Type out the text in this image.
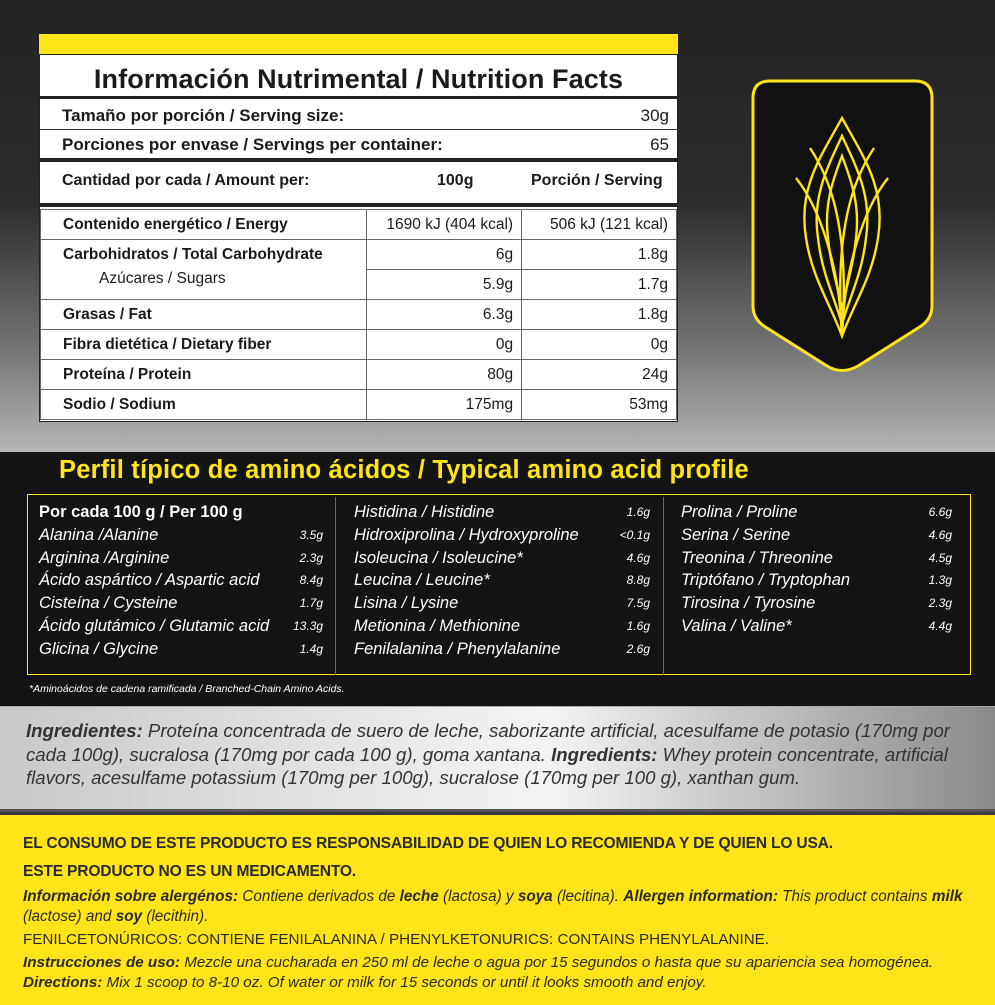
Información Nutrimental / Nutrition Facts
Tamaño por porción / Serving size:	30g
Porciones por envase / Servings per container:	65
Cantidad por cada / Amount per:	100g	Porción / Serving
Contenido energético / Energy	1690 kJ (404 kcal)	506 kJ (121 kcal)
Carbohidratos / Total Carbohydrate	6g	1.8g
Azúcares / Sugars	5.9g	1.7g
Grasas / Fat	6.3g	1.8g
Fibra dietética / Dietary fiber	0g	0g
Proteína / Protein	80g	24g
Sodio / Sodium	175mg	53mg
Perfil típico de amino ácidos / Typical amino acid profile
Por cada 100 g / Per 100 g
Alanina /Alanine	3.5g
Arginina /Arginine	2.3g
Ácido aspártico / Aspartic acid	8.4g
Cisteína / Cysteine	1.7g
Ácido glutámico / Glutamic acid 13.3g
Glicina / Glycine	1.4g
Histidina / Histidine	1.6g
Hidroxiprolina / Hydroxyproline	<0.1g
Isoleucina / Isoleucine*	4.6g
Leucina / Leucine*	8.8g
Lisina / Lysine	7.5g
Metionina / Methionine	1.6g
Fenilalanina / Phenylalanine	2.6g
Prolina / Proline	6.6g
Serina / Serine	4.6g
Treonina / Threonine	4.5g
Triptófano / Tryptophan	1.3g
Tirosina / Tyrosine	2.3g
Valina / Valine*	4.4g
*Aminoácidos de cadena ramificada / Branched-Chain Amino Acids.

Ingredientes: Proteína concentrada de suero de leche, saborizante artificial, acesulfame de potasio (170mg por cada 100g), sucralosa (170mg por cada 100 g), goma xantana. Ingredients: Whey protein concentrate, artificial flavors, acesulfame potassium (170mg per 100g), sucralose (170mg per 100 g), xanthan gum.

EL CONSUMO DE ESTE PRODUCTO ES RESPONSABILIDAD DE QUIEN LO RECOMIENDA Y DE QUIEN LO USA.
ESTE PRODUCTO NO ES UN MEDICAMENTO.
Información sobre alergénos: Contiene derivados de leche (lactosa) y soya (lecitina). Allergen information: This product contains milk (lactose) and soy (lecithin).
FENILCETONÚRICOS: CONTIENE FENILALANINA / PHENYLKETONURICS: CONTAINS PHENYLALANINE.
Instrucciones de uso: Mezcle una cucharada en 250 ml de leche o agua por 15 segundos o hasta que su apariencia sea homogénea. Directions: Mix 1 scoop to 8-10 oz. Of water or milk for 15 seconds or until it looks smooth and enjoy.
